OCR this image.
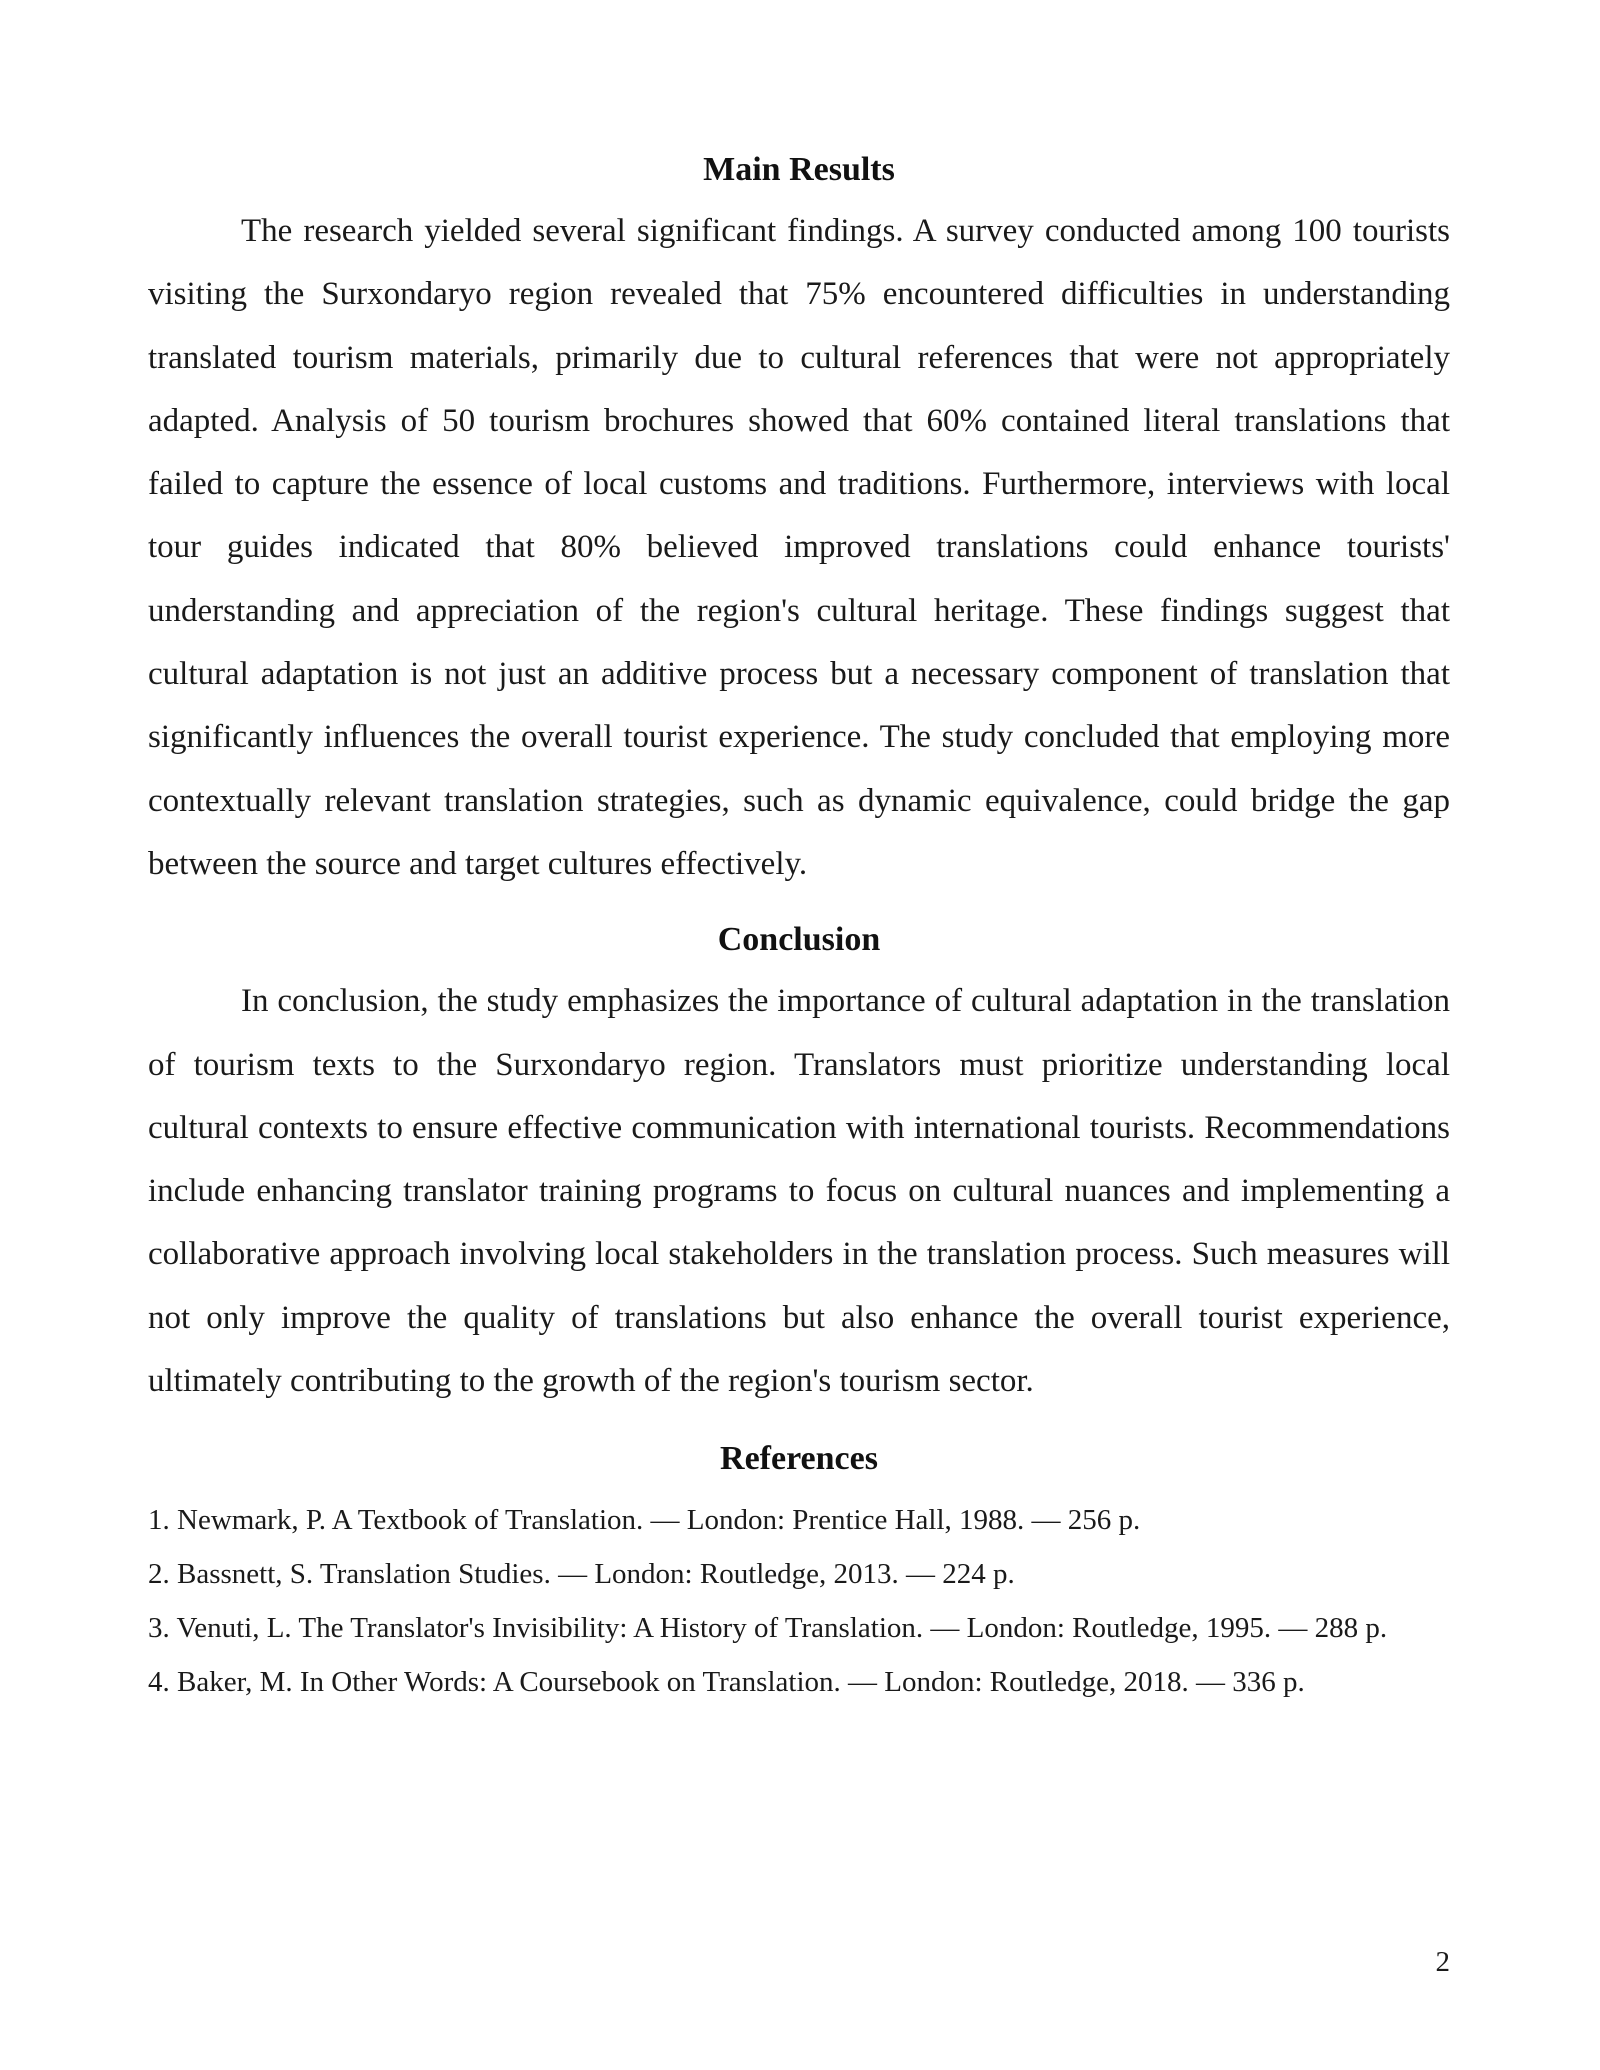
Main Results

The research yielded several significant findings. A survey conducted among 100 tourists visiting the Surxondaryo region revealed that 75% encountered difficulties in understanding translated tourism materials, primarily due to cultural references that were not appropriately adapted. Analysis of 50 tourism brochures showed that 60% contained literal translations that failed to capture the essence of local customs and traditions. Furthermore, interviews with local tour guides indicated that 80% believed improved translations could enhance tourists' understanding and appreciation of the region's cultural heritage. These findings suggest that cultural adaptation is not just an additive process but a necessary component of translation that significantly influences the overall tourist experience. The study concluded that employing more contextually relevant translation strategies, such as dynamic equivalence, could bridge the gap between the source and target cultures effectively.

Conclusion

In conclusion, the study emphasizes the importance of cultural adaptation in the translation of tourism texts to the Surxondaryo region. Translators must prioritize understanding local cultural contexts to ensure effective communication with international tourists. Recommendations include enhancing translator training programs to focus on cultural nuances and implementing a collaborative approach involving local stakeholders in the translation process. Such measures will not only improve the quality of translations but also enhance the overall tourist experience, ultimately contributing to the growth of the region's tourism sector.

References
1. Newmark, P. A Textbook of Translation. — London: Prentice Hall, 1988. — 256 p.
2. Bassnett, S. Translation Studies. — London: Routledge, 2013. — 224 p.
3. Venuti, L. The Translator's Invisibility: A History of Translation. — London: Routledge, 1995. — 288 p.
4. Baker, M. In Other Words: A Coursebook on Translation. — London: Routledge, 2018. — 336 p.
2
